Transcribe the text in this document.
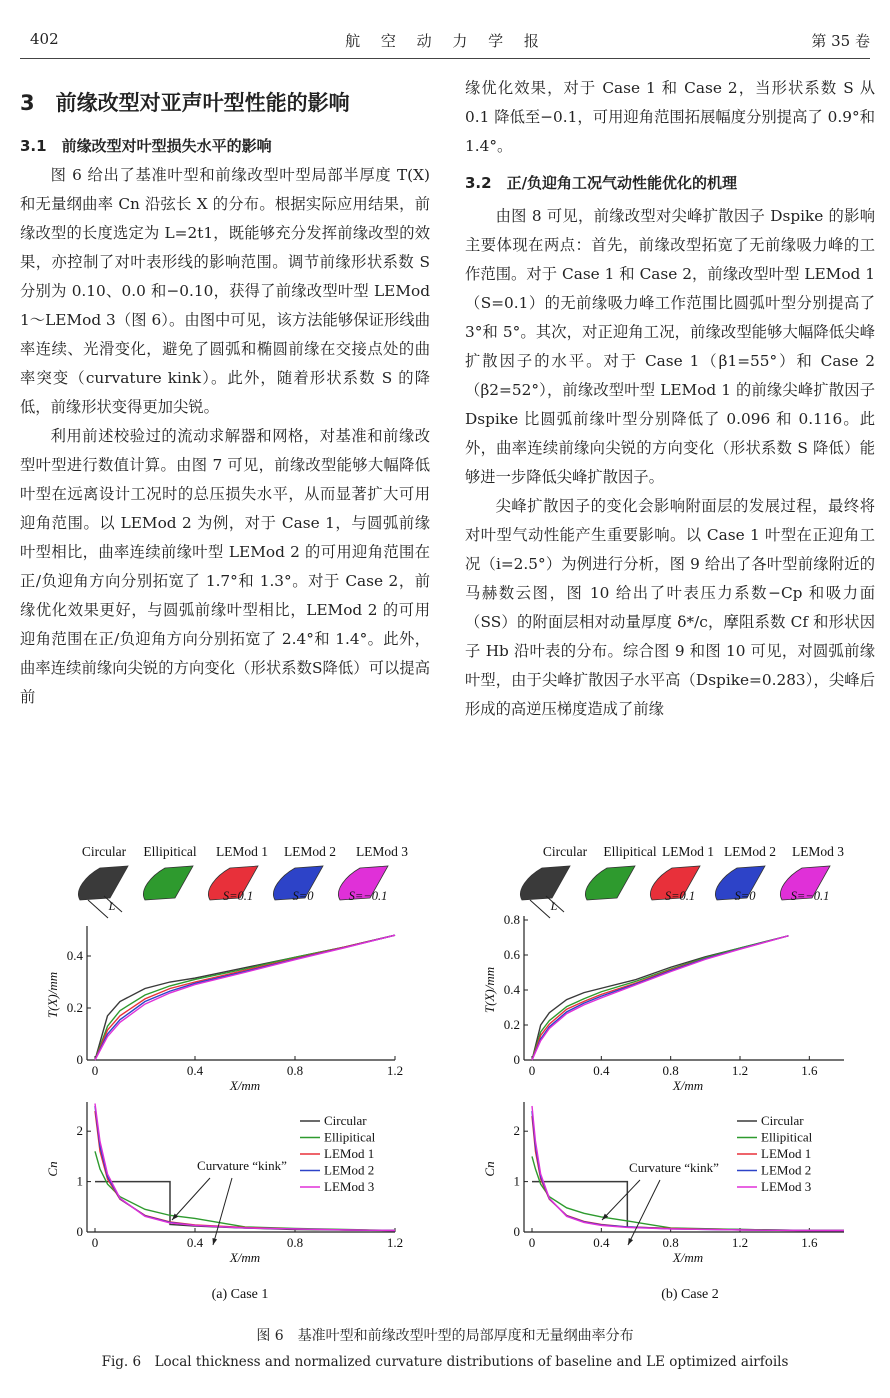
402	航 空 动 力 学 报	第 35 卷
3　前缘改型对亚声叶型性能的影响
3.1　前缘改型对叶型损失水平的影响

图 6 给出了基准叶型和前缘改型叶型局部半厚度 T(X) 和无量纲曲率 Cn 沿弦长 X 的分布。根据实际应用结果，前缘改型的长度选定为 L=2t1，既能够充分发挥前缘改型的效果，亦控制了对叶表形线的影响范围。调节前缘形状系数 S 分别为 0.10、0.0 和−0.10，获得了前缘改型叶型 LEMod 1～LEMod 3（图 6）。由图中可见，该方法能够保证形线曲率连续、光滑变化，避免了圆弧和椭圆前缘在交接点处的曲率突变（curvature kink）。此外，随着形状系数 S 的降低，前缘形状变得更加尖锐。

利用前述校验过的流动求解器和网格，对基准和前缘改型叶型进行数值计算。由图 7 可见，前缘改型能够大幅降低叶型在远离设计工况时的总压损失水平，从而显著扩大可用迎角范围。以 LEMod 2 为例，对于 Case 1，与圆弧前缘叶型相比，曲率连续前缘叶型 LEMod 2 的可用迎角范围在正/负迎角方向分别拓宽了 1.7°和 1.3°。对于 Case 2，前缘优化效果更好，与圆弧前缘叶型相比，LEMod 2 的可用迎角范围在正/负迎角方向分别拓宽了 2.4°和 1.4°。此外，曲率连续前缘向尖锐的方向变化（形状系数S降低）可以提高前

缘优化效果，对于 Case 1 和 Case 2，当形状系数 S 从 0.1 降低至−0.1，可用迎角范围拓展幅度分别提高了 0.9°和 1.4°。

3.2　正/负迎角工况气动性能优化的机理

由图 8 可见，前缘改型对尖峰扩散因子 Dspike 的影响主要体现在两点：首先，前缘改型拓宽了无前缘吸力峰的工作范围。对于 Case 1 和 Case 2，前缘改型叶型 LEMod 1（S=0.1）的无前缘吸力峰工作范围比圆弧叶型分别提高了 3°和 5°。其次，对正迎角工况，前缘改型能够大幅降低尖峰扩散因子的水平。对于 Case 1（β1=55°）和 Case 2（β2=52°），前缘改型叶型 LEMod 1 的前缘尖峰扩散因子 Dspike 比圆弧前缘叶型分别降低了 0.096 和 0.116。此外，曲率连续前缘向尖锐的方向变化（形状系数 S 降低）能够进一步降低尖峰扩散因子。

尖峰扩散因子的变化会影响附面层的发展过程，最终将对叶型气动性能产生重要影响。以 Case 1 叶型在正迎角工况（i=2.5°）为例进行分析，图 9 给出了各叶型前缘附近的马赫数云图，图 10 给出了叶表压力系数−Cp 和吸力面（SS）的附面层相对动量厚度 δ*/c，摩阻系数 Cf 和形状因子 Hb 沿叶表的分布。综合图 9 和图 10 可见，对圆弧前缘叶型，由于尖峰扩散因子水平高（Dspike=0.283），尖峰后形成的高逆压梯度造成了前缘

0	0.4	0.8	1.2
0
0.2
0.4
X/mm
T(X)/mm
0	0.4	0.8	1.2
0
1
2
X/mm
Cn
0	0.4	0.8	1.2	1.6
0
0.2
0.4
0.6
0.8
X/mm
T(X)/mm
0	0.4	0.8	1.2	1.6
0
1
2
X/mm
Cn
Circular
Ellipitical
LEMod 1
LEMod 2
LEMod 3
Circular
Ellipitical
LEMod 1
LEMod 2
LEMod 3
Curvature “kink”	Curvature “kink”
Circular Ellipitical LEMod 1 LEMod 2 LEMod 3
L
S=0.1	S=0	S=−0.1
Circular Ellipitical LEMod 1 LEMod 2 LEMod 3
L
S=0.1	S=0	S=−0.1
(a) Case 1	(b) Case 2
图 6　基准叶型和前缘改型叶型的局部厚度和无量纲曲率分布
Fig. 6　Local thickness and normalized curvature distributions of baseline and LE optimized airfoils
